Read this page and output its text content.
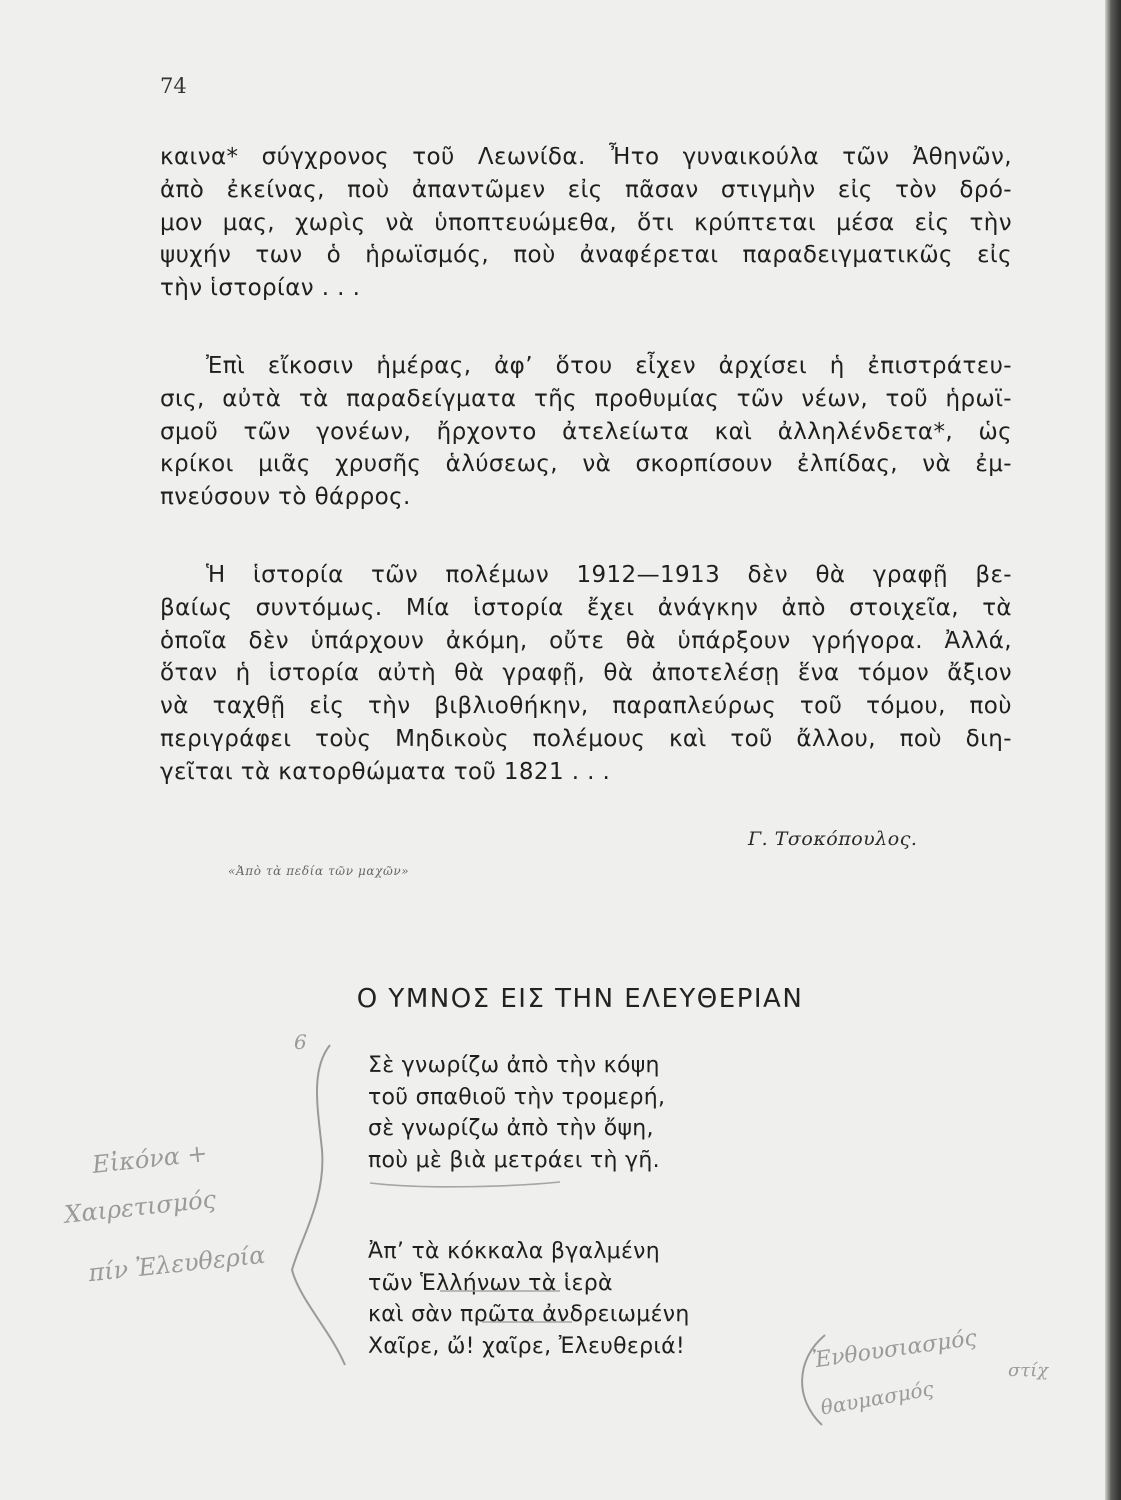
74
καινα* σύγχρονος τοῦ Λεωνίδα. Ἦτο γυναικούλα τῶν Ἀθηνῶν,
ἀπὸ ἐκείνας, ποὺ ἀπαντῶμεν εἰς πᾶσαν στιγμὴν εἰς τὸν δρό-
μον μας, χωρὶς νὰ ὑποπτευώμεθα, ὅτι κρύπτεται μέσα εἰς τὴν
ψυχήν των ὁ ἡρωϊσμός, ποὺ ἀναφέρεται παραδειγματικῶς εἰς
τὴν ἱστορίαν . . .
Ἐπὶ εἴκοσιν ἡμέρας, ἀφ’ ὅτου εἶχεν ἀρχίσει ἡ ἐπιστράτευ-
σις, αὐτὰ τὰ παραδείγματα τῆς προθυμίας τῶν νέων, τοῦ ἡρωϊ-
σμοῦ τῶν γονέων, ἤρχοντο ἀτελείωτα καὶ ἀλληλένδετα*, ὡς
κρίκοι μιᾶς χρυσῆς ἁλύσεως, νὰ σκορπίσουν ἐλπίδας, νὰ ἐμ-
πνεύσουν τὸ θάρρος.
Ἡ ἱστορία τῶν πολέμων 1912—1913 δὲν θὰ γραφῇ βε-
βαίως συντόμως. Μία ἱστορία ἔχει ἀνάγκην ἀπὸ στοιχεῖα, τὰ
ὁποῖα δὲν ὑπάρχουν ἀκόμη, οὔτε θὰ ὑπάρξουν γρήγορα. Ἀλλά,
ὅταν ἡ ἱστορία αὐτὴ θὰ γραφῇ, θὰ ἀποτελέσῃ ἕνα τόμον ἄξιον
νὰ ταχθῇ εἰς τὴν βιβλιοθήκην, παραπλεύρως τοῦ τόμου, ποὺ
περιγράφει τοὺς Μηδικοὺς πολέμους καὶ τοῦ ἄλλου, ποὺ διη-
γεῖται τὰ κατορθώματα τοῦ 1821 . . .
Γ. Τσοκόπουλος.
«Ἀπὸ τὰ πεδία τῶν μαχῶν»
Ο ΥΜΝΟΣ ΕΙΣ ΤΗΝ ΕΛΕΥΘΕΡΙΑΝ
Σὲ γνωρίζω ἀπὸ τὴν κόψη
τοῦ σπαθιοῦ τὴν τρομερή,
σὲ γνωρίζω ἀπὸ τὴν ὄψη,
ποὺ μὲ βιὰ μετράει τὴ γῆ.
Ἀπ’ τὰ κόκκαλα βγαλμένη
τῶν Ἑλλήνων τὰ ἱερὰ
καὶ σὰν πρῶτα ἀνδρειωμένη
Χαῖρε, ὤ! χαῖρε, Ἐλευθεριά!
6
Εἰκόνα +
Χαιρετισμός
πίν Ἐλευθερία
Ἐνθουσιασμός
θαυμασμός
στίχ
